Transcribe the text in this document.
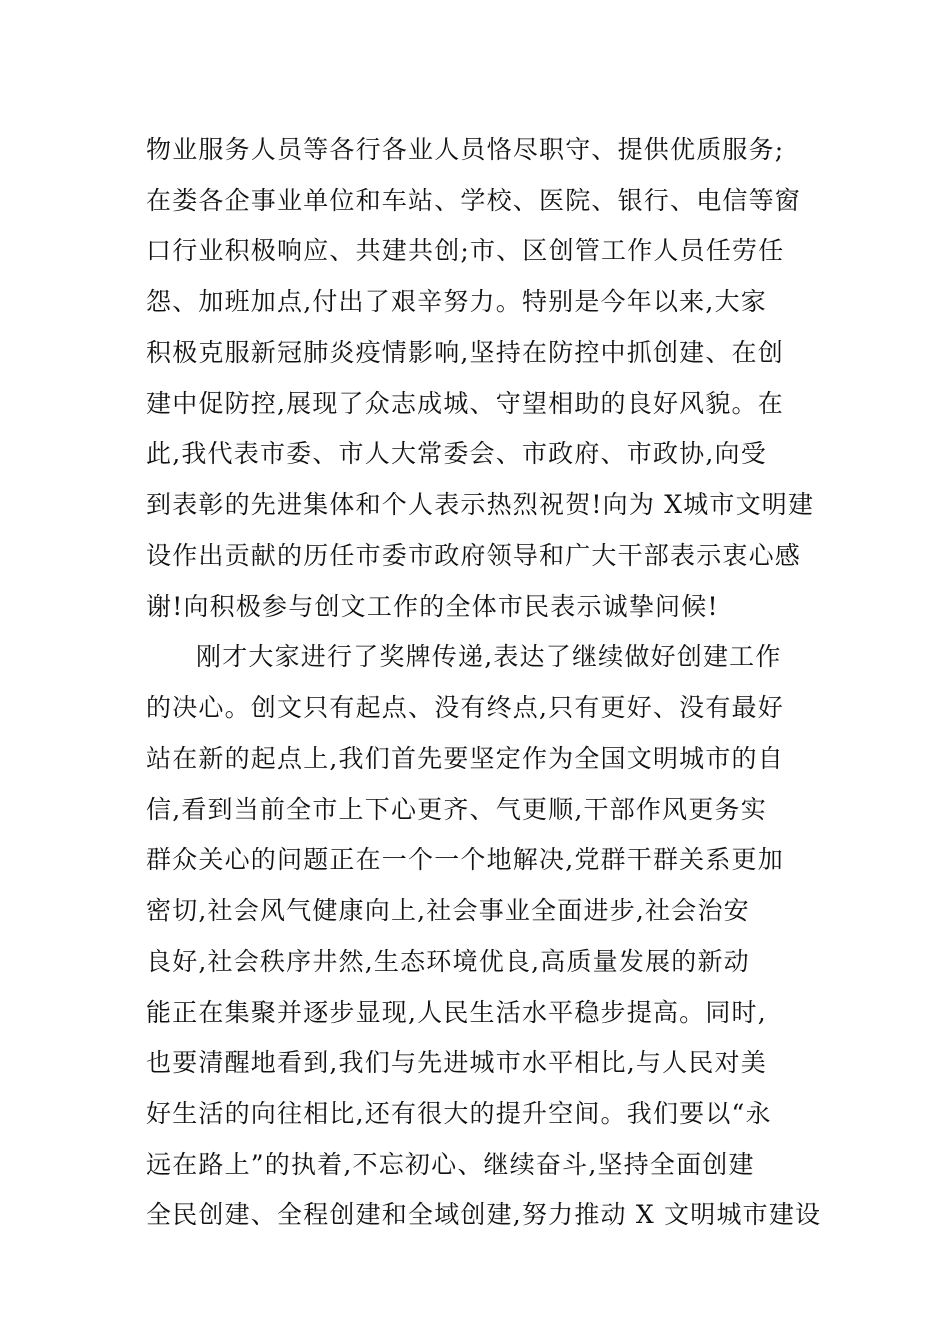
物业服务人员等各行各业人员恪尽职守、提供优质服务;
在娄各企事业单位和车站、学校、医院、银行、电信等窗
口行业积极响应、共建共创;市、区创管工作人员任劳任
怨、加班加点,付出了艰辛努力。特别是今年以来,大家
积极克服新冠肺炎疫情影响,坚持在防控中抓创建、在创
建中促防控,展现了众志成城、守望相助的良好风貌。在
此,我代表市委、市人大常委会、市政府、市政协,向受
到表彰的先进集体和个人表示热烈祝贺!向为 X城市文明建
设作出贡献的历任市委市政府领导和广大干部表示衷心感
谢!向积极参与创文工作的全体市民表示诚挚问候!
刚才大家进行了奖牌传递,表达了继续做好创建工作
的决心。创文只有起点、没有终点,只有更好、没有最好
站在新的起点上,我们首先要坚定作为全国文明城市的自
信,看到当前全市上下心更齐、气更顺,干部作风更务实
群众关心的问题正在一个一个地解决,党群干群关系更加
密切,社会风气健康向上,社会事业全面进步,社会治安
良好,社会秩序井然,生态环境优良,高质量发展的新动
能正在集聚并逐步显现,人民生活水平稳步提高。同时,
也要清醒地看到,我们与先进城市水平相比,与人民对美
好生活的向往相比,还有很大的提升空间。我们要以“永
远在路上”的执着,不忘初心、继续奋斗,坚持全面创建
全民创建、全程创建和全域创建,努力推动 X 文明城市建设
